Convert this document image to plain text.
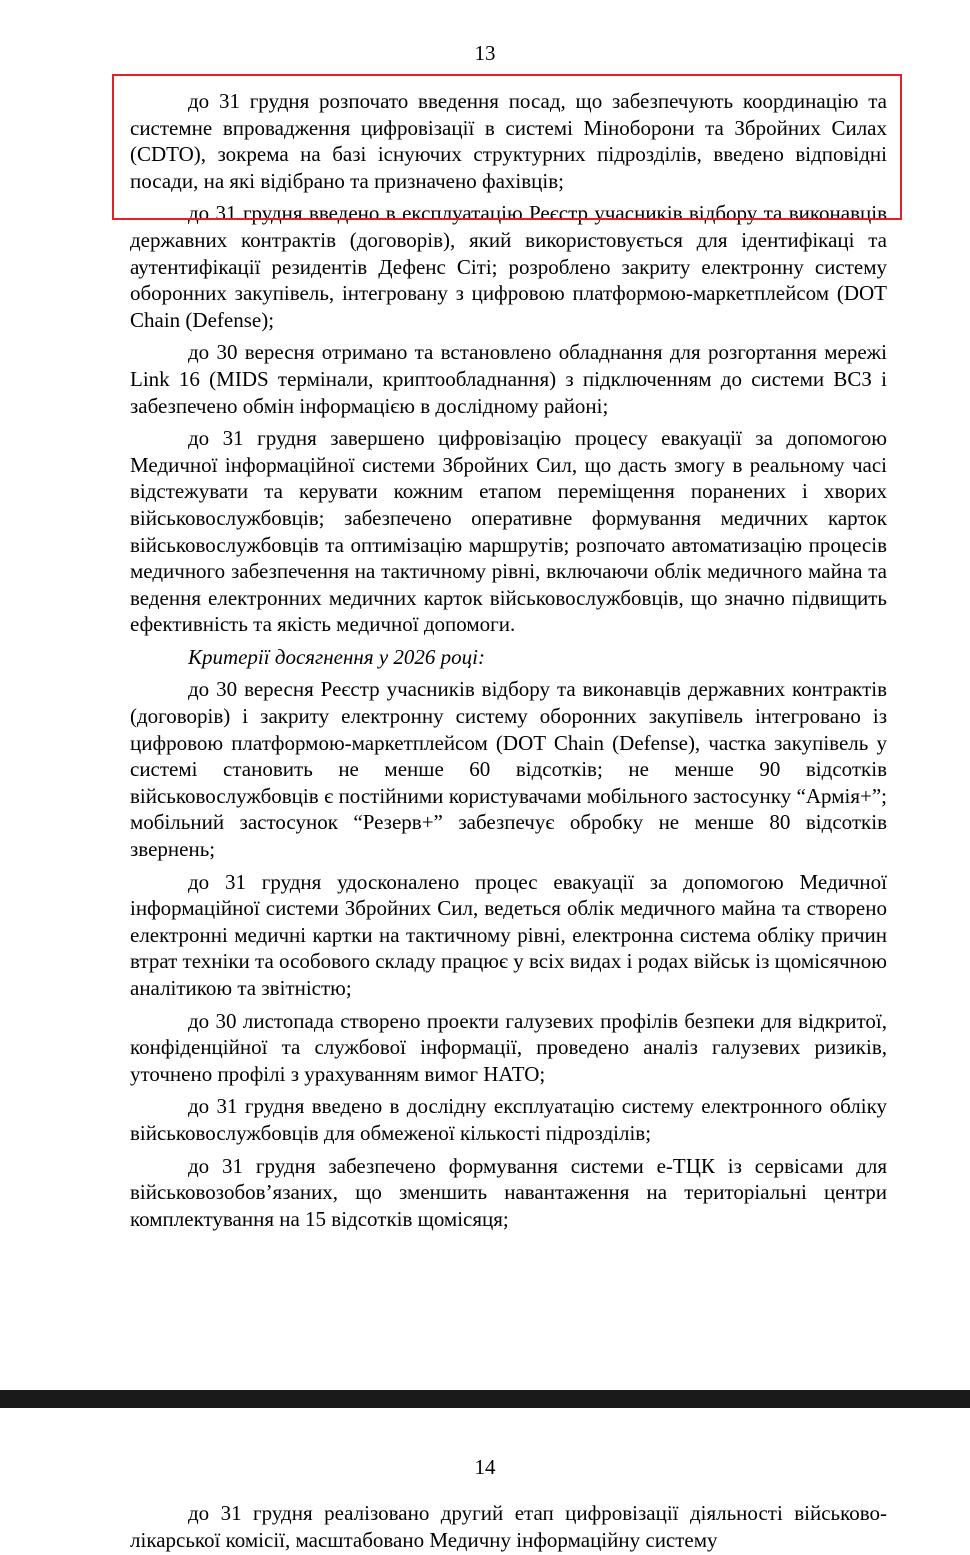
13

до 31 грудня розпочато введення посад, що забезпечують координацію та системне впровадження цифровізації в системі Міноборони та Збройних Силах (CDTO), зокрема на базі існуючих структурних підрозділів, введено відповідні посади, на які відібрано та призначено фахівців;

до 31 грудня введено в експлуатацію Реєстр учасників відбору та виконавців державних контрактів (договорів), який використовується для ідентифікаці та аутентифікації резидентів Дефенс Сіті; розроблено закриту електронну систему оборонних закупівель, інтегровану з цифровою платформою-маркетплейсом (DOT Chain (Defense);

до 30 вересня отримано та встановлено обладнання для розгортання мережі Link 16 (MIDS термінали, криптообладнання) з підключенням до системи ВСЗ і забезпечено обмін інформацією в дослідному районі;

до 31 грудня завершено цифровізацію процесу евакуації за допомогою Медичної інформаційної системи Збройних Сил, що дасть змогу в реальному часі відстежувати та керувати кожним етапом переміщення поранених і хворих військовослужбовців; забезпечено оперативне формування медичних карток військовослужбовців та оптимізацію маршрутів; розпочато автоматизацію процесів медичного забезпечення на тактичному рівні, включаючи облік медичного майна та ведення електронних медичних карток військовослужбовців, що значно підвищить ефективність та якість медичної допомоги.

Критерії досягнення у 2026 році:

до 30 вересня Реєстр учасників відбору та виконавців державних контрактів (договорів) і закриту електронну систему оборонних закупівель інтегровано із цифровою платформою-маркетплейсом (DOT Chain (Defense), частка закупівель у системі становить не менше 60 відсотків; не менше 90 відсотків військовослужбовців є постійними користувачами мобільного застосунку “Армія+”; мобільний застосунок “Резерв+” забезпечує обробку не менше 80 відсотків звернень;

до 31 грудня удосконалено процес евакуації за допомогою Медичної інформаційної системи Збройних Сил, ведеться облік медичного майна та створено електронні медичні картки на тактичному рівні, електронна система обліку причин втрат техніки та особового складу працює у всіх видах і родах військ із щомісячною аналітикою та звітністю;

до 30 листопада створено проекти галузевих профілів безпеки для відкритої, конфіденційної та службової інформації, проведено аналіз галузевих ризиків, уточнено профілі з урахуванням вимог НАТО;

до 31 грудня введено в дослідну експлуатацію систему електронного обліку військовослужбовців для обмеженої кількості підрозділів;

до 31 грудня забезпечено формування системи е-ТЦК із сервісами для військовозобов’язаних, що зменшить навантаження на територіальні центри комплектування на 15 відсотків щомісяця;

14

до 31 грудня реалізовано другий етап цифровізації діяльності військово-лікарської комісії, масштабовано Медичну інформаційну систему
